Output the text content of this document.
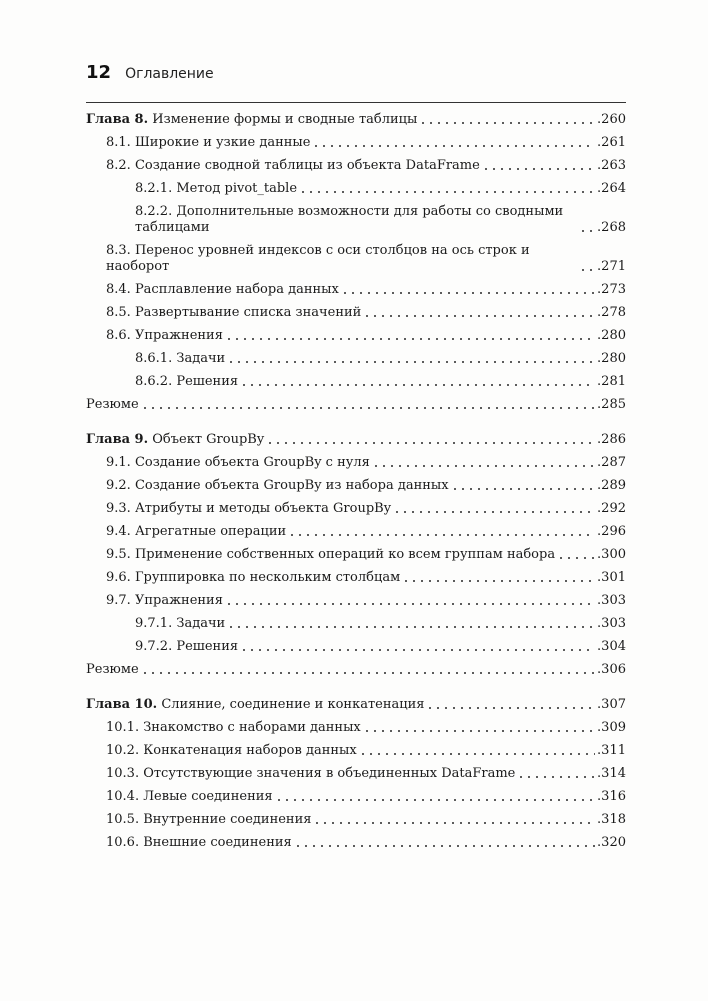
12 Оглавление
Глава 8. Изменение формы и сводные таблицы	.260
8.1. Широкие и узкие данные	.261
8.2. Создание сводной таблицы из объекта DataFrame	.263
8.2.1. Метод pivot_table	.264
8.2.2. Дополнительные возможности для работы со сводными таблицами	.268
8.3. Перенос уровней индексов с оси столбцов на ось строк и наоборот	.271
8.4. Расплавление набора данных	.273
8.5. Развертывание списка значений	.278
8.6. Упражнения	.280
8.6.1. Задачи	.280
8.6.2. Решения	.281
Резюме	.285
Глава 9. Объект GroupBy	.286
9.1. Создание объекта GroupBy с нуля	.287
9.2. Создание объекта GroupBy из набора данных	.289
9.3. Атрибуты и методы объекта GroupBy	.292
9.4. Агрегатные операции	.296
9.5. Применение собственных операций ко всем группам набора	.300
9.6. Группировка по нескольким столбцам	.301
9.7. Упражнения	.303
9.7.1. Задачи	.303
9.7.2. Решения	.304
Резюме	.306
Глава 10. Слияние, соединение и конкатенация	.307
10.1. Знакомство с наборами данных	.309
10.2. Конкатенация наборов данных	.311
10.3. Отсутствующие значения в объединенных DataFrame	.314
10.4. Левые соединения	.316
10.5. Внутренние соединения	.318
10.6. Внешние соединения	.320
